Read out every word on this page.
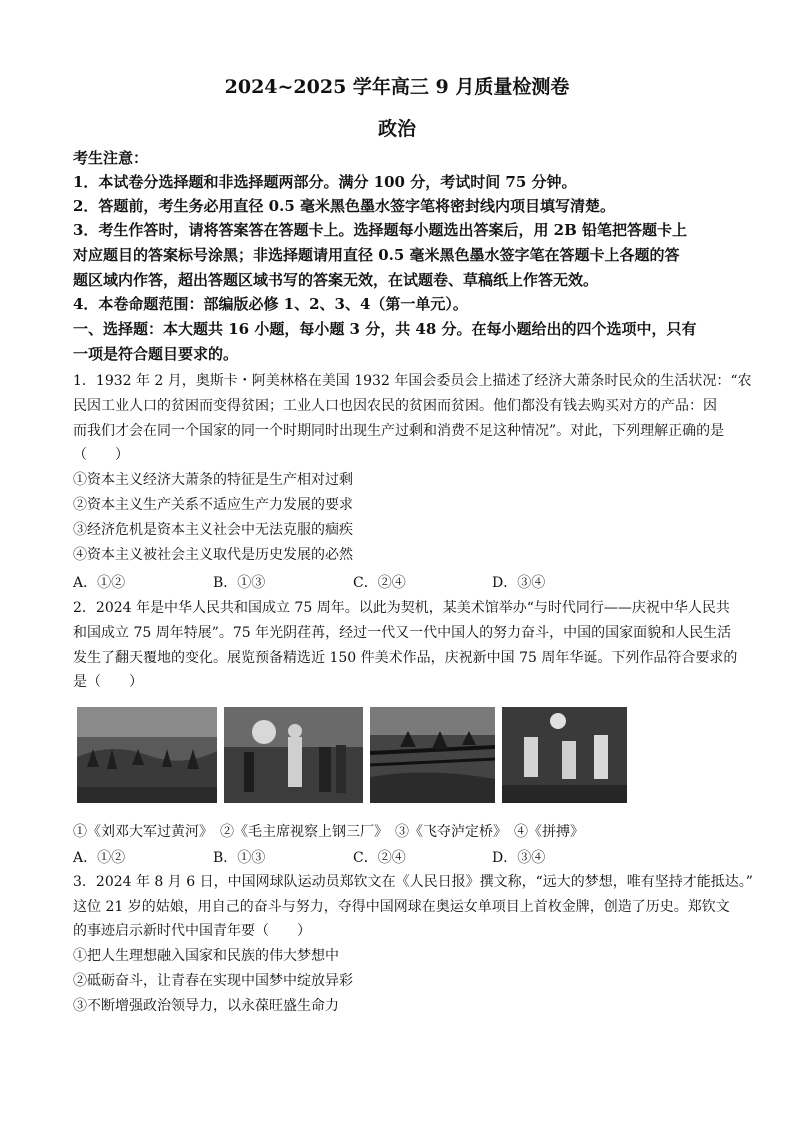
2024~2025 学年高三 9 月质量检测卷
政治
考生注意：
1．本试卷分选择题和非选择题两部分。满分 100 分，考试时间 75 分钟。
2．答题前，考生务必用直径 0.5 毫米黑色墨水签字笔将密封线内项目填写清楚。
3．考生作答时，请将答案答在答题卡上。选择题每小题选出答案后，用 2B 铅笔把答题卡上
对应题目的答案标号涂黑；非选择题请用直径 0.5 毫米黑色墨水签字笔在答题卡上各题的答
题区域内作答，超出答题区域书写的答案无效，在试题卷、草稿纸上作答无效。
4．本卷命题范围：部编版必修 1、2、3、4（第一单元）。
一、选择题：本大题共 16 小题，每小题 3 分，共 48 分。在每小题给出的四个选项中，只有
一项是符合题目要求的。
1．1932 年 2 月，奥斯卡・阿美林格在美国 1932 年国会委员会上描述了经济大萧条时民众的生活状况：“农
民因工业人口的贫困而变得贫困；工业人口也因农民的贫困而贫困。他们都没有钱去购买对方的产品：因
而我们才会在同一个国家的同一个时期同时出现生产过剩和消费不足这种情况”。对此，下列理解正确的是
（　　）
①资本主义经济大萧条的特征是生产相对过剩
②资本主义生产关系不适应生产力发展的要求
③经济危机是资本主义社会中无法克服的痼疾
④资本主义被社会主义取代是历史发展的必然
A．①②	B．①③	C．②④	D．③④
2．2024 年是中华人民共和国成立 75 周年。以此为契机，某美术馆举办“与时代同行——庆祝中华人民共
和国成立 75 周年特展”。75 年光阴荏苒，经过一代又一代中国人的努力奋斗，中国的国家面貌和人民生活
发生了翻天覆地的变化。展览预备精选近 150 件美术作品，庆祝新中国 75 周年华诞。下列作品符合要求的
是（　　）
①《刘邓大军过黄河》　②《毛主席视察上钢三厂》　③《飞夺泸定桥》　④《拼搏》
A．①②	B．①③	C．②④	D．③④
3．2024 年 8 月 6 日，中国网球队运动员郑钦文在《人民日报》撰文称，“远大的梦想，唯有坚持才能抵达。”
这位 21 岁的姑娘，用自己的奋斗与努力，夺得中国网球在奥运女单项目上首枚金牌，创造了历史。郑钦文
的事迹启示新时代中国青年要（　　）
①把人生理想融入国家和民族的伟大梦想中
②砥砺奋斗，让青春在实现中国梦中绽放异彩
③不断增强政治领导力，以永葆旺盛生命力
